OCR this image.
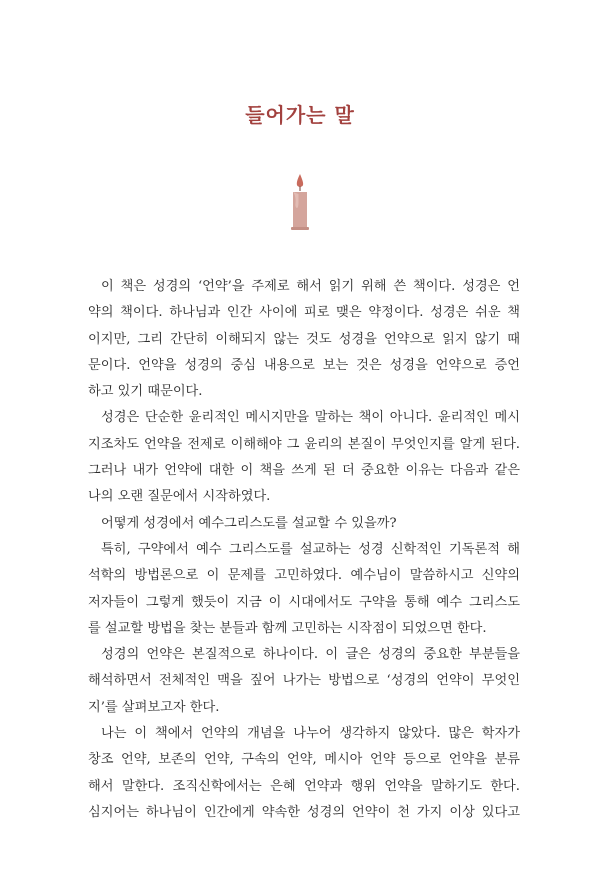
들어가는 말
이 책은 성경의 ‘언약’을 주제로 해서 읽기 위해 쓴 책이다. 성경은 언
약의 책이다. 하나님과 인간 사이에 피로 맺은 약정이다. 성경은 쉬운 책
이지만, 그리 간단히 이해되지 않는 것도 성경을 언약으로 읽지 않기 때
문이다. 언약을 성경의 중심 내용으로 보는 것은 성경을 언약으로 증언
하고 있기 때문이다.
성경은 단순한 윤리적인 메시지만을 말하는 책이 아니다. 윤리적인 메시
지조차도 언약을 전제로 이해해야 그 윤리의 본질이 무엇인지를 알게 된다.
그러나 내가 언약에 대한 이 책을 쓰게 된 더 중요한 이유는 다음과 같은
나의 오랜 질문에서 시작하였다.
어떻게 성경에서 예수그리스도를 설교할 수 있을까?
특히, 구약에서 예수 그리스도를 설교하는 성경 신학적인 기독론적 해
석학의 방법론으로 이 문제를 고민하였다. 예수님이 말씀하시고 신약의
저자들이 그렇게 했듯이 지금 이 시대에서도 구약을 통해 예수 그리스도
를 설교할 방법을 찾는 분들과 함께 고민하는 시작점이 되었으면 한다.
성경의 언약은 본질적으로 하나이다. 이 글은 성경의 중요한 부분들을
해석하면서 전체적인 맥을 짚어 나가는 방법으로 ‘성경의 언약이 무엇인
지’를 살펴보고자 한다.
나는 이 책에서 언약의 개념을 나누어 생각하지 않았다. 많은 학자가
창조 언약, 보존의 언약, 구속의 언약, 메시아 언약 등으로 언약을 분류
해서 말한다. 조직신학에서는 은혜 언약과 행위 언약을 말하기도 한다.
심지어는 하나님이 인간에게 약속한 성경의 언약이 천 가지 이상 있다고
